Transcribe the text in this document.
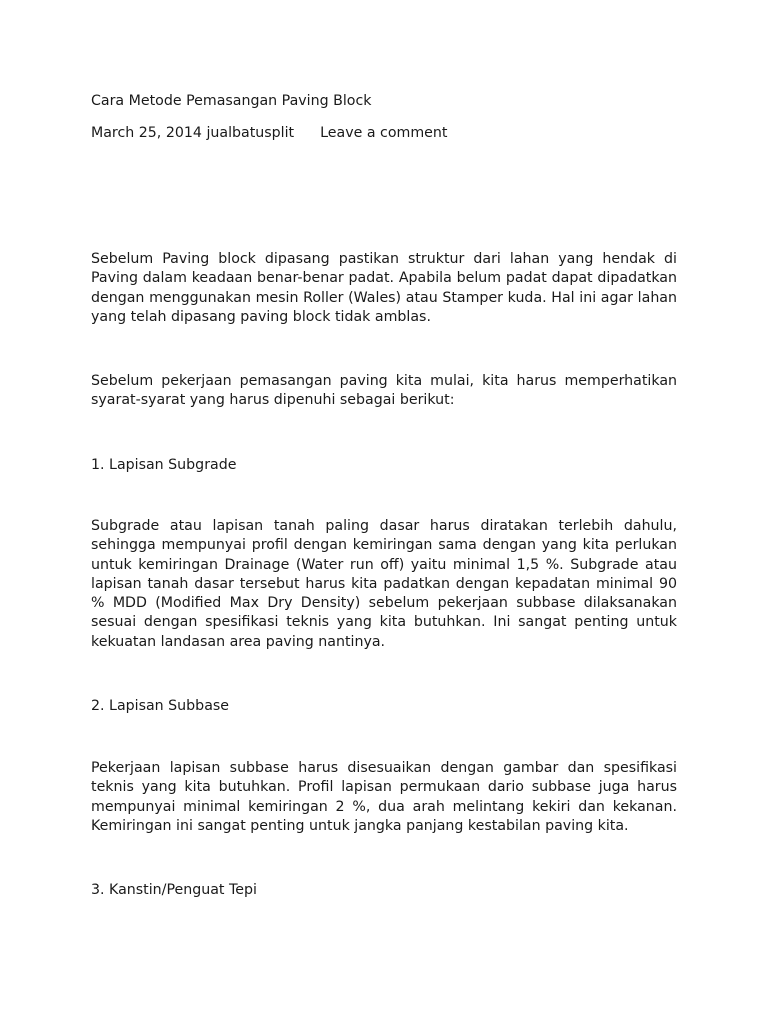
Cara Metode Pemasangan Paving Block
March 25, 2014 jualbatusplit Leave a comment

Sebelum Paving block dipasang pastikan struktur dari lahan yang hendak di Paving dalam keadaan benar-benar padat. Apabila belum padat dapat dipadatkan dengan menggunakan mesin Roller (Wales) atau Stamper kuda. Hal ini agar lahan yang telah dipasang paving block tidak amblas.

Sebelum pekerjaan pemasangan paving kita mulai, kita harus memperhatikan syarat-syarat yang harus dipenuhi sebagai berikut:

1. Lapisan Subgrade

Subgrade atau lapisan tanah paling dasar harus diratakan terlebih dahulu, sehingga mempunyai profil dengan kemiringan sama dengan yang kita perlukan untuk kemiringan Drainage (Water run off) yaitu minimal 1,5 %. Subgrade atau lapisan tanah dasar tersebut harus kita padatkan dengan kepadatan minimal 90 % MDD (Modified Max Dry Density) sebelum pekerjaan subbase dilaksanakan sesuai dengan spesifikasi teknis yang kita butuhkan. Ini sangat penting untuk kekuatan landasan area paving nantinya.

2. Lapisan Subbase

Pekerjaan lapisan subbase harus disesuaikan dengan gambar dan spesifikasi teknis yang kita butuhkan. Profil lapisan permukaan dario subbase juga harus mempunyai minimal kemiringan 2 %, dua arah melintang kekiri dan kekanan. Kemiringan ini sangat penting untuk jangka panjang kestabilan paving kita.

3. Kanstin/Penguat Tepi
